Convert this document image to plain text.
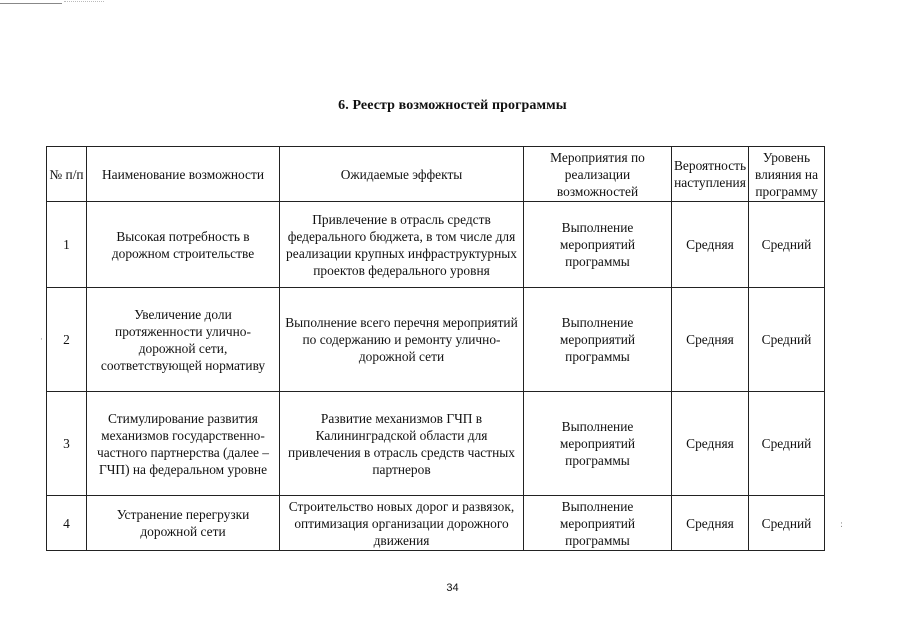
6. Реестр возможностей программы
№ п/п	Наименование возможности	Ожидаемые эффекты	Мероприятия по реализации возможностей	Вероятность наступления	Уровень влияния на программу
1	Высокая потребность в дорожном строительстве	Привлечение в отрасль средств федерального бюджета, в том числе для реализации крупных инфраструктурных проектов федерального уровня	Выполнение мероприятий программы	Средняя	Средний
2	Увеличение доли протяженности улично-дорожной сети, соответствующей нормативу	Выполнение всего перечня мероприятий по содержанию и ремонту улично-дорожной сети	Выполнение мероприятий программы	Средняя	Средний
3	Стимулирование развития механизмов государственно-частного партнерства (далее – ГЧП) на федеральном уровне	Развитие механизмов ГЧП в Калининградской области для привлечения в отрасль средств частных партнеров	Выполнение мероприятий программы	Средняя	Средний
4	Устранение перегрузки дорожной сети	Строительство новых дорог и развязок, оптимизация организации дорожного движения	Выполнение мероприятий программы	Средняя	Средний
34
·
:
